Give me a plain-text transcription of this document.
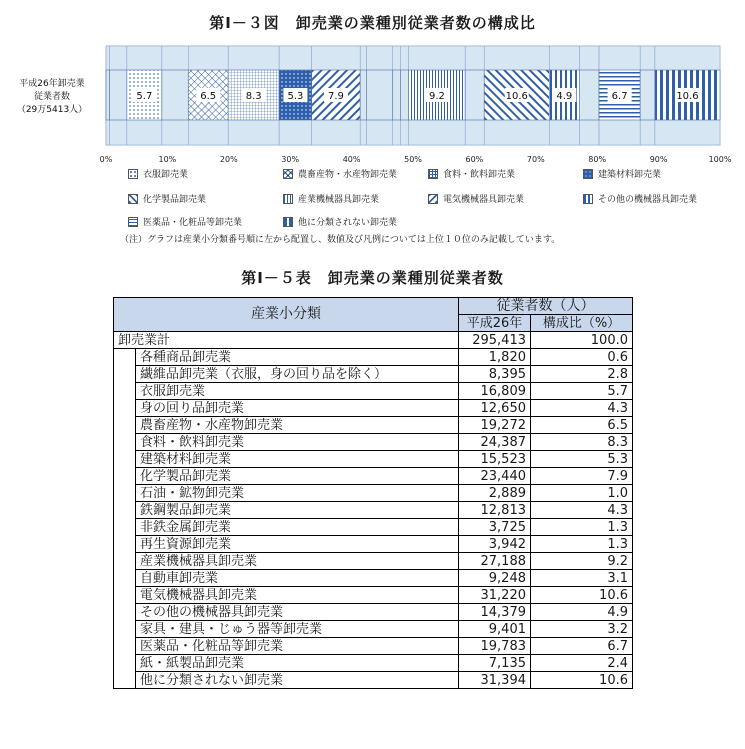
第Ⅰ－３図　卸売業の業種別従業者数の構成比
平成26年卸売業
従業者数
（29万5413人）
5.7	6.5	8.3	5.3 7.9	9.2	10.6	4.9	6.7	10.6
0%	10%	20%	30%	40%	50%	60%	70%	80%	90%	100%
衣服卸売業	農畜産物・水産物卸売業	食料・飲料卸売業	建築材料卸売業
化学製品卸売業	産業機械器具卸売業	電気機械器具卸売業	その他の機械器具卸売業
医薬品・化粧品等卸売業	他に分類されない卸売業
（注）グラフは産業小分類番号順に左から配置し、数値及び凡例については上位１０位のみ記載しています。
第Ⅰ－５表　卸売業の業種別従業者数
産業小分類		従業者数（人）	
		平成26年	構成比（%）
卸売業計		295,413	100.0
	各種商品卸売業	1,820	0.6
	繊維品卸売業（衣服，身の回り品を除く）	8,395	2.8
	衣服卸売業	16,809	5.7
	身の回り品卸売業	12,650	4.3
	農畜産物・水産物卸売業	19,272	6.5
	食料・飲料卸売業	24,387	8.3
	建築材料卸売業	15,523	5.3
	化学製品卸売業	23,440	7.9
	石油・鉱物卸売業	2,889	1.0
	鉄鋼製品卸売業	12,813	4.3
	非鉄金属卸売業	3,725	1.3
	再生資源卸売業	3,942	1.3
	産業機械器具卸売業	27,188	9.2
	自動車卸売業	9,248	3.1
	電気機械器具卸売業	31,220	10.6
	その他の機械器具卸売業	14,379	4.9
	家具・建具・じゅう器等卸売業	9,401	3.2
	医薬品・化粧品等卸売業	19,783	6.7
	紙・紙製品卸売業	7,135	2.4
	他に分類されない卸売業	31,394	10.6
